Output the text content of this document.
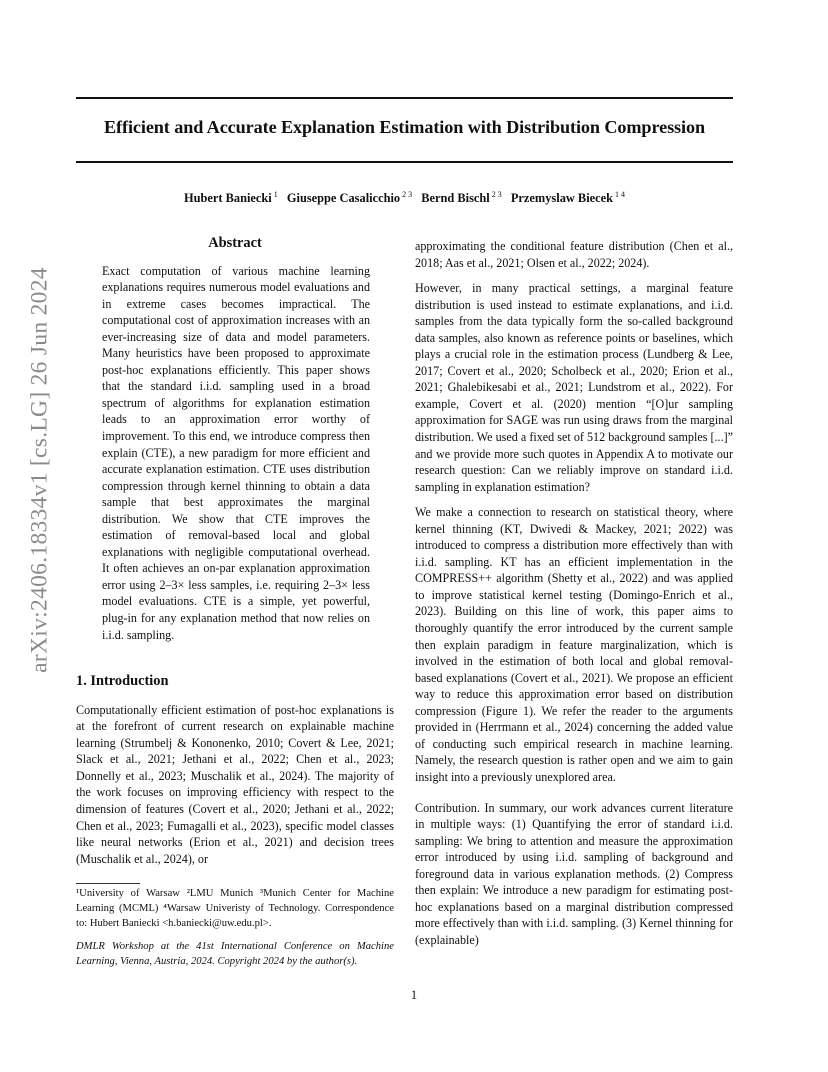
Efficient and Accurate Explanation Estimation with Distribution Compression

Hubert Baniecki $^1$ Giuseppe Casalicchio $^{2 3}$ Bernd Bischl $^{2 3}$ Przemyslaw Biecek $^{1 4}$

arXiv:2406.18334v1 [cs.LG] 26 Jun 2024
Abstract

Exact computation of various machine learning explanations requires numerous model evaluations and in extreme cases becomes impractical. The computational cost of approximation increases with an ever-increasing size of data and model parameters. Many heuristics have been proposed to approximate post-hoc explanations efficiently. This paper shows that the standard i.i.d. sampling used in a broad spectrum of algorithms for explanation estimation leads to an approximation error worthy of improvement. To this end, we introduce compress then explain (CTE), a new paradigm for more efficient and accurate explanation estimation. CTE uses distribution compression through kernel thinning to obtain a data sample that best approximates the marginal distribution. We show that CTE improves the estimation of removal-based local and global explanations with negligible computational overhead. It often achieves an on-par explanation approximation error using 2–3× less samples, i.e. requiring 2–3× less model evaluations. CTE is a simple, yet powerful, plug-in for any explanation method that now relies on i.i.d. sampling.

1. Introduction

Computationally efficient estimation of post-hoc explanations is at the forefront of current research on explainable machine learning (Strumbelj & Kononenko, 2010; Covert & Lee, 2021; Slack et al., 2021; Jethani et al., 2022; Chen et al., 2023; Donnelly et al., 2023; Muschalik et al., 2024). The majority of the work focuses on improving efficiency with respect to the dimension of features (Covert et al., 2020; Jethani et al., 2022; Chen et al., 2023; Fumagalli et al., 2023), specific model classes like neural networks (Erion et al., 2021) and decision trees (Muschalik et al., 2024), or

¹University of Warsaw ²LMU Munich ³Munich Center for Machine Learning (MCML) ⁴Warsaw Univeristy of Technology. Correspondence to: Hubert Baniecki <h.baniecki@uw.edu.pl>.

DMLR Workshop at the 41st International Conference on Machine Learning, Vienna, Austria, 2024. Copyright 2024 by the author(s).

approximating the conditional feature distribution (Chen et al., 2018; Aas et al., 2021; Olsen et al., 2022; 2024).

However, in many practical settings, a marginal feature distribution is used instead to estimate explanations, and i.i.d. samples from the data typically form the so-called background data samples, also known as reference points or baselines, which plays a crucial role in the estimation process (Lundberg & Lee, 2017; Covert et al., 2020; Scholbeck et al., 2020; Erion et al., 2021; Ghalebikesabi et al., 2021; Lundstrom et al., 2022). For example, Covert et al. (2020) mention “[O]ur sampling approximation for SAGE was run using draws from the marginal distribution. We used a fixed set of 512 background samples [...]” and we provide more such quotes in Appendix A to motivate our research question: Can we reliably improve on standard i.i.d. sampling in explanation estimation?

We make a connection to research on statistical theory, where kernel thinning (KT, Dwivedi & Mackey, 2021; 2022) was introduced to compress a distribution more effectively than with i.i.d. sampling. KT has an efficient implementation in the COMPRESS++ algorithm (Shetty et al., 2022) and was applied to improve statistical kernel testing (Domingo-Enrich et al., 2023). Building on this line of work, this paper aims to thoroughly quantify the error introduced by the current sample then explain paradigm in feature marginalization, which is involved in the estimation of both local and global removal-based explanations (Covert et al., 2021). We propose an efficient way to reduce this approximation error based on distribution compression (Figure 1). We refer the reader to the arguments provided in (Herrmann et al., 2024) concerning the added value of conducting such empirical research in machine learning. Namely, the research question is rather open and we aim to gain insight into a previously unexplored area.

Contribution. In summary, our work advances current literature in multiple ways: (1) Quantifying the error of standard i.i.d. sampling: We bring to attention and measure the approximation error introduced by using i.i.d. sampling of background and foreground data in various explanation methods. (2) Compress then explain: We introduce a new paradigm for estimating post-hoc explanations based on a marginal distribution compressed more effectively than with i.i.d. sampling. (3) Kernel thinning for (explainable)

1
